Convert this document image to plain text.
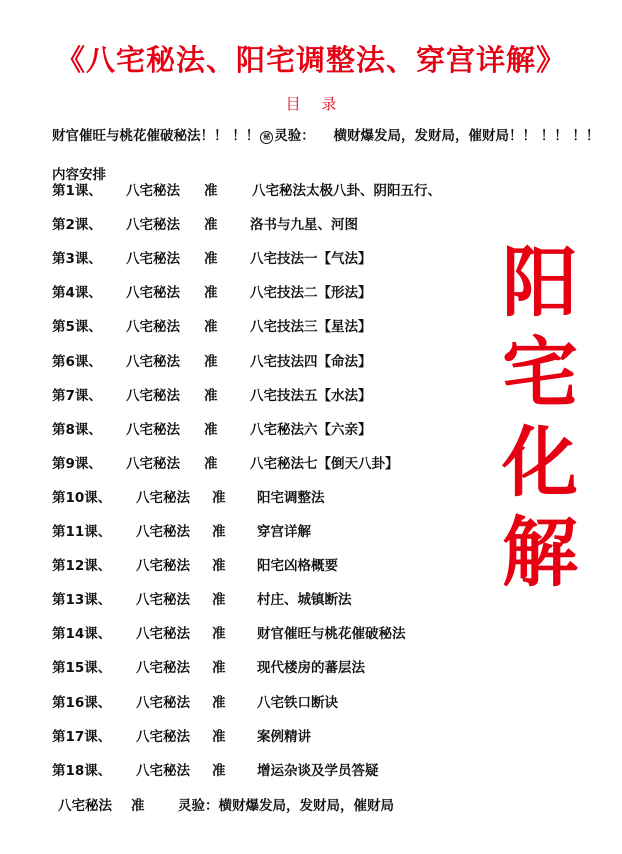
《八宅秘法、阳宅调整法、穿宫详解》
目 录
财官催旺与桃花催破秘法！！ ！！ 秘 灵验： 横财爆发局，发财局，催财局！！ ！！ ！！
内容安排
第1课、 八宅秘法 准	八宅秘法太极八卦、阴阳五行、
第2课、 八宅秘法 准 洛书与九星、河图
第3课、 八宅秘法 准 八宅技法一【气法】
第4课、 八宅秘法 准 八宅技法二【形法】
第5课、 八宅秘法 准 八宅技法三【星法】
第6课、 八宅秘法 准 八宅技法四【命法】
第7课、 八宅秘法 准 八宅技法五【水法】
第8课、 八宅秘法 准 八宅秘法六【六亲】
第9课、 八宅秘法 准 八宅秘法七【倒天八卦】
第10课、 八宅秘法 准 阳宅调整法
第11课、 八宅秘法 准 穿宫详解
第12课、 八宅秘法 准 阳宅凶格概要
第13课、 八宅秘法 准 村庄、城镇断法
第14课、 八宅秘法 准 财官催旺与桃花催破秘法
第15课、 八宅秘法 准 现代楼房的蕃层法
第16课、 八宅秘法 准 八宅铁口断诀
第17课、 八宅秘法 准 案例精讲
第18课、 八宅秘法 准 增运杂谈及学员答疑
八宅秘法 准 灵验：横财爆发局，发财局，催财局
阳
宅
化
解
